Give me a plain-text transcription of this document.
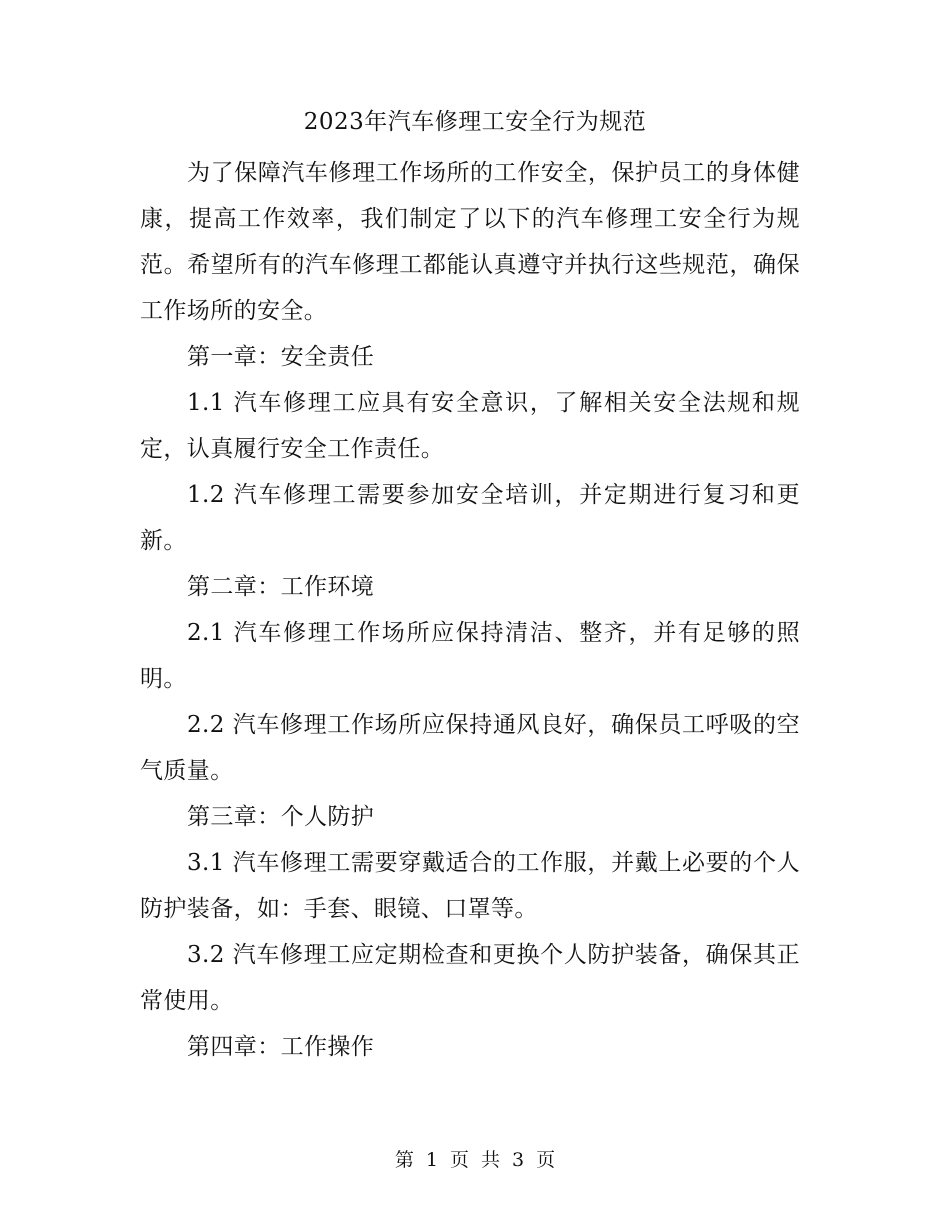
2023年汽车修理工安全行为规范

为了保障汽车修理工作场所的工作安全，保护员工的身体健康，提高工作效率，我们制定了以下的汽车修理工安全行为规范。希望所有的汽车修理工都能认真遵守并执行这些规范，确保工作场所的安全。

第一章：安全责任

1.1 汽车修理工应具有安全意识，了解相关安全法规和规定，认真履行安全工作责任。

1.2 汽车修理工需要参加安全培训，并定期进行复习和更新。

第二章：工作环境

2.1 汽车修理工作场所应保持清洁、整齐，并有足够的照明。

2.2 汽车修理工作场所应保持通风良好，确保员工呼吸的空气质量。

第三章：个人防护

3.1 汽车修理工需要穿戴适合的工作服，并戴上必要的个人防护装备，如：手套、眼镜、口罩等。

3.2 汽车修理工应定期检查和更换个人防护装备，确保其正常使用。

第四章：工作操作

第 1 页 共 3 页
